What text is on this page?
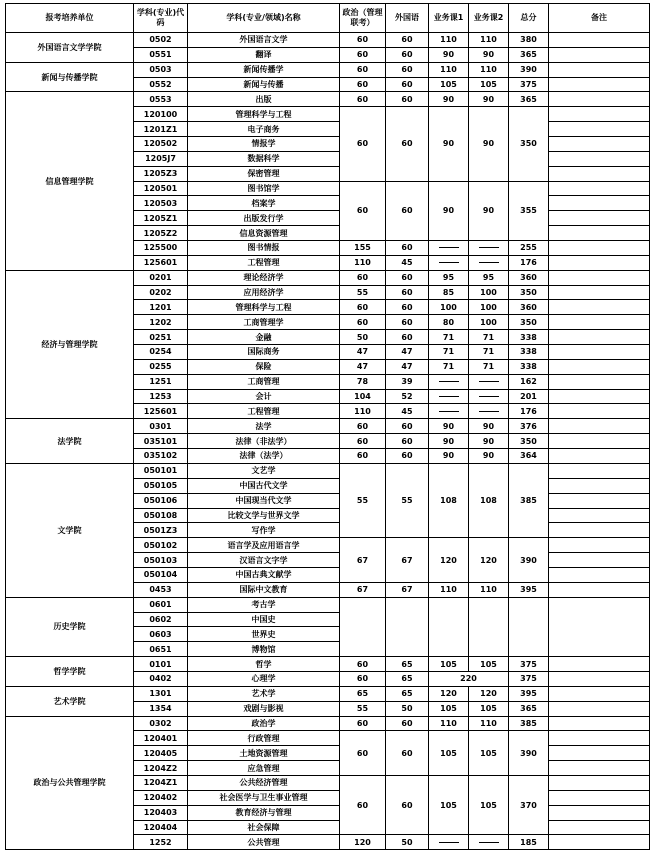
报考培养单位	学科(专业)代码	学科(专业/领域)名称	政治（管理联考）	外国语	业务课1	业务课2	总分	备注
外国语言文学学院	0502	外国语言文学	60	60	110	110	380	
	0551	翻译	60	60	90	90	365	
新闻与传播学院	0503	新闻传播学	60	60	110	110	390	
	0552	新闻与传播	60	60	105	105	375	
信息管理学院	0553	出版	60	60	90	90	365	
	120100	管理科学与工程	60	60	90	90	350	
	1201Z1	电子商务						
	120502	情报学						
	1205J7	数据科学						
	1205Z3	保密管理						
	120501	图书馆学	60	60	90	90	355	
	120503	档案学						
	1205Z1	出版发行学						
	1205Z2	信息资源管理						
	125500	图书情报	155	60			255	
	125601	工程管理	110	45			176	
经济与管理学院	0201	理论经济学	60	60	95	95	360	
	0202	应用经济学	55	60	85	100	350	
	1201	管理科学与工程	60	60	100	100	360	
	1202	工商管理学	60	60	80	100	350	
	0251	金融	50	60	71	71	338	
	0254	国际商务	47	47	71	71	338	
	0255	保险	47	47	71	71	338	
	1251	工商管理	78	39			162	
	1253	会计	104	52			201	
	125601	工程管理	110	45			176	
法学院	0301	法学	60	60	90	90	376	
	035101	法律（非法学）	60	60	90	90	350	
	035102	法律（法学）	60	60	90	90	364	
文学院	050101	文艺学	55	55	108	108	385	
	050105	中国古代文学						
	050106	中国现当代文学						
	050108	比较文学与世界文学						
	0501Z3	写作学						
	050102	语言学及应用语言学	67	67	120	120	390	
	050103	汉语言文字学						
	050104	中国古典文献学						
	0453	国际中文教育	67	67	110	110	395	
历史学院	0601	考古学						
	0602	中国史						
	0603	世界史						
	0651	博物馆						
哲学学院	0101	哲学	60	65	105	105	375	
	0402	心理学	60	65	220		375	
艺术学院	1301	艺术学	65	65	120	120	395	
	1354	戏剧与影视	55	50	105	105	365	
政治与公共管理学院	0302	政治学	60	60	110	110	385	
	120401	行政管理	60	60	105	105	390	
	120405	土地资源管理						
	1204Z2	应急管理						
	1204Z1	公共经济管理	60	60	105	105	370	
	120402	社会医学与卫生事业管理						
	120403	教育经济与管理						
	120404	社会保障						
	1252	公共管理	120	50			185	
